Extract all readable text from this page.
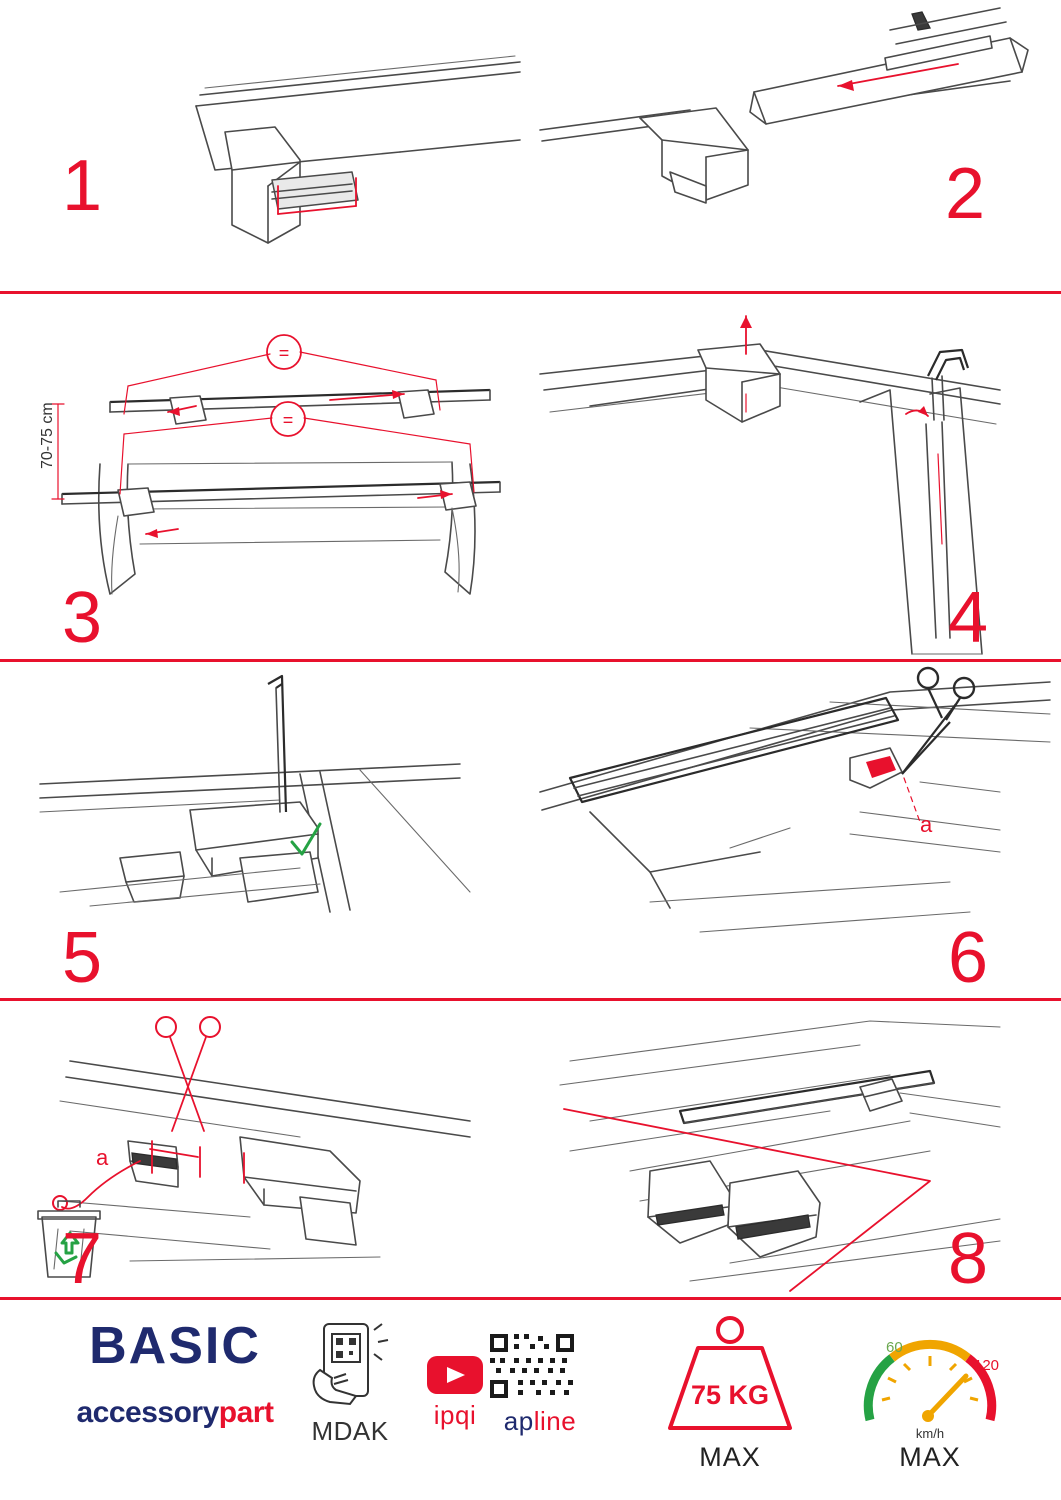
1	2
=
=
70-75 cm
3	4
5
a
6
a
7	8
BASIC
accessorypart
MDAK
ipqi	apline
75 KG
MAX
60
120
km/h
MAX
